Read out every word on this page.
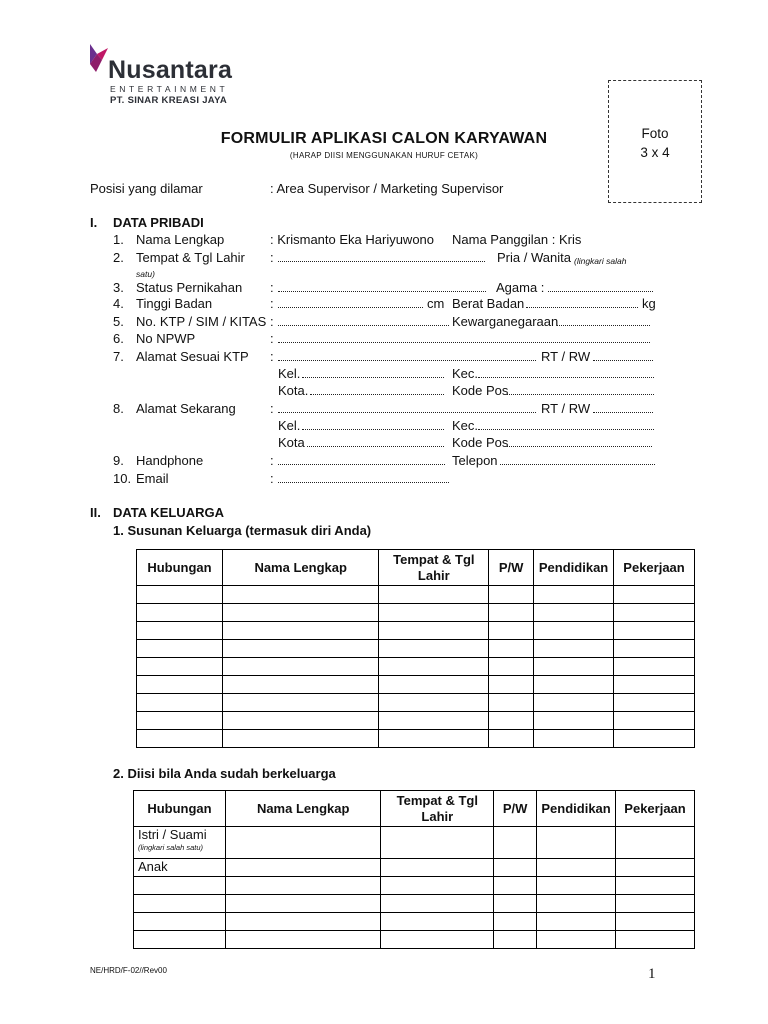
Nusantara
ENTERTAINMENT
PT. SINAR KREASI JAYA
Foto
3 x 4
FORMULIR APLIKASI CALON KARYAWAN
(HARAP DIISI MENGGUNAKAN HURUF CETAK)
Posisi yang dilamar	: Area Supervisor / Marketing Supervisor
I. DATA PRIBADI
1. Nama Lengkap	: Krismanto Eka Hariyuwono Nama Panggilan : Kris
2. Tempat & Tgl Lahir :	Pria / Wanita (lingkari salah
satu)
3. Status Pernikahan :	Agama :
4. Tinggi Badan	:	cm Berat Badan	kg
5. No. KTP / SIM / KITAS :	Kewarganegaraan
6. No NPWP	:
7. Alamat Sesuai KTP :	RT / RW
Kel.	Kec.
Kota.	Kode Pos
8. Alamat Sekarang	:	RT / RW
Kel.	Kec.
Kota	Kode Pos
9. Handphone	:	Telepon
10. Email	:
II. DATA KELUARGA
1. Susunan Keluarga (termasuk diri Anda)
Hubungan	Nama Lengkap	Tempat & Tgl Lahir	P/W	Pendidikan	Pekerjaan

2. Diisi bila Anda sudah berkeluarga
Hubungan	Nama Lengkap	Tempat & Tgl Lahir	P/W	Pendidikan	Pekerjaan

Istri / Suami
(lingkari salah satu)					

Anak					

NE/HRD/F-02//Rev00	1
